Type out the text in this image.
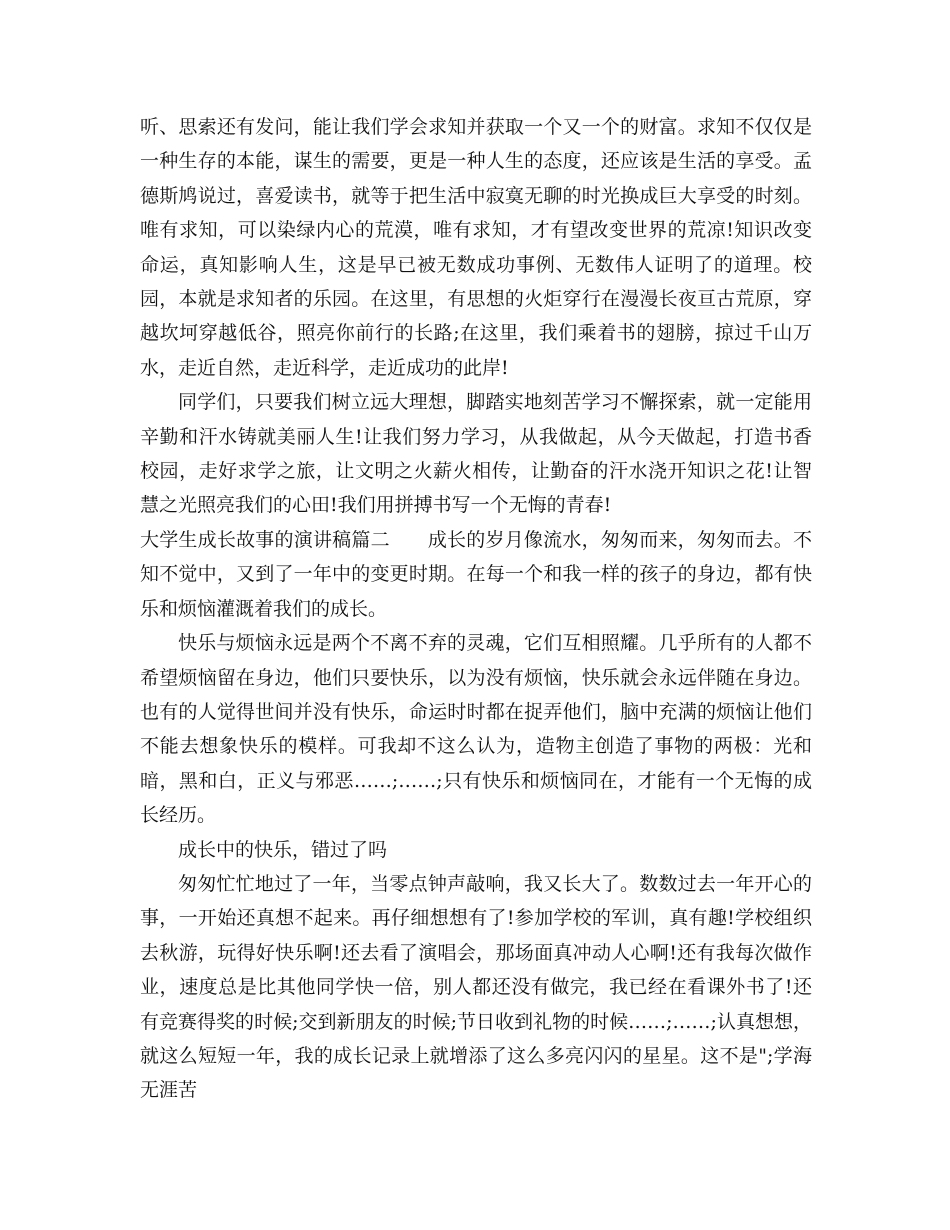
听、思索还有发问，能让我们学会求知并获取一个又一个的财富。求知不仅仅是一种生存的本能，谋生的需要，更是一种人生的态度，还应该是生活的享受。孟德斯鸠说过，喜爱读书，就等于把生活中寂寞无聊的时光换成巨大享受的时刻。唯有求知，可以染绿内心的荒漠，唯有求知，才有望改变世界的荒凉!知识改变命运，真知影响人生，这是早已被无数成功事例、无数伟人证明了的道理。校园，本就是求知者的乐园。在这里，有思想的火炬穿行在漫漫长夜亘古荒原，穿越坎坷穿越低谷，照亮你前行的长路;在这里，我们乘着书的翅膀，掠过千山万水，走近自然，走近科学，走近成功的此岸!

同学们，只要我们树立远大理想，脚踏实地刻苦学习不懈探索，就一定能用辛勤和汗水铸就美丽人生!让我们努力学习，从我做起，从今天做起，打造书香校园，走好求学之旅，让文明之火薪火相传，让勤奋的汗水浇开知识之花!让智慧之光照亮我们的心田!我们用拼搏书写一个无悔的青春!

大学生成长故事的演讲稿篇二 成长的岁月像流水，匆匆而来，匆匆而去。不知不觉中，又到了一年中的变更时期。在每一个和我一样的孩子的身边，都有快乐和烦恼灌溉着我们的成长。

快乐与烦恼永远是两个不离不弃的灵魂，它们互相照耀。几乎所有的人都不希望烦恼留在身边，他们只要快乐，以为没有烦恼，快乐就会永远伴随在身边。也有的人觉得世间并没有快乐，命运时时都在捉弄他们，脑中充满的烦恼让他们不能去想象快乐的模样。可我却不这么认为，造物主创造了事物的两极：光和暗，黑和白，正义与邪恶……;……;只有快乐和烦恼同在，才能有一个无悔的成长经历。

成长中的快乐，错过了吗

匆匆忙忙地过了一年，当零点钟声敲响，我又长大了。数数过去一年开心的事，一开始还真想不起来。再仔细想想有了!参加学校的军训，真有趣!学校组织去秋游，玩得好快乐啊!还去看了演唱会，那场面真冲动人心啊!还有我每次做作业，速度总是比其他同学快一倍，别人都还没有做完，我已经在看课外书了!还有竞赛得奖的时候;交到新朋友的时候;节日收到礼物的时候……;……;认真想想，就这么短短一年，我的成长记录上就增添了这么多亮闪闪的星星。这不是";学海无涯苦
